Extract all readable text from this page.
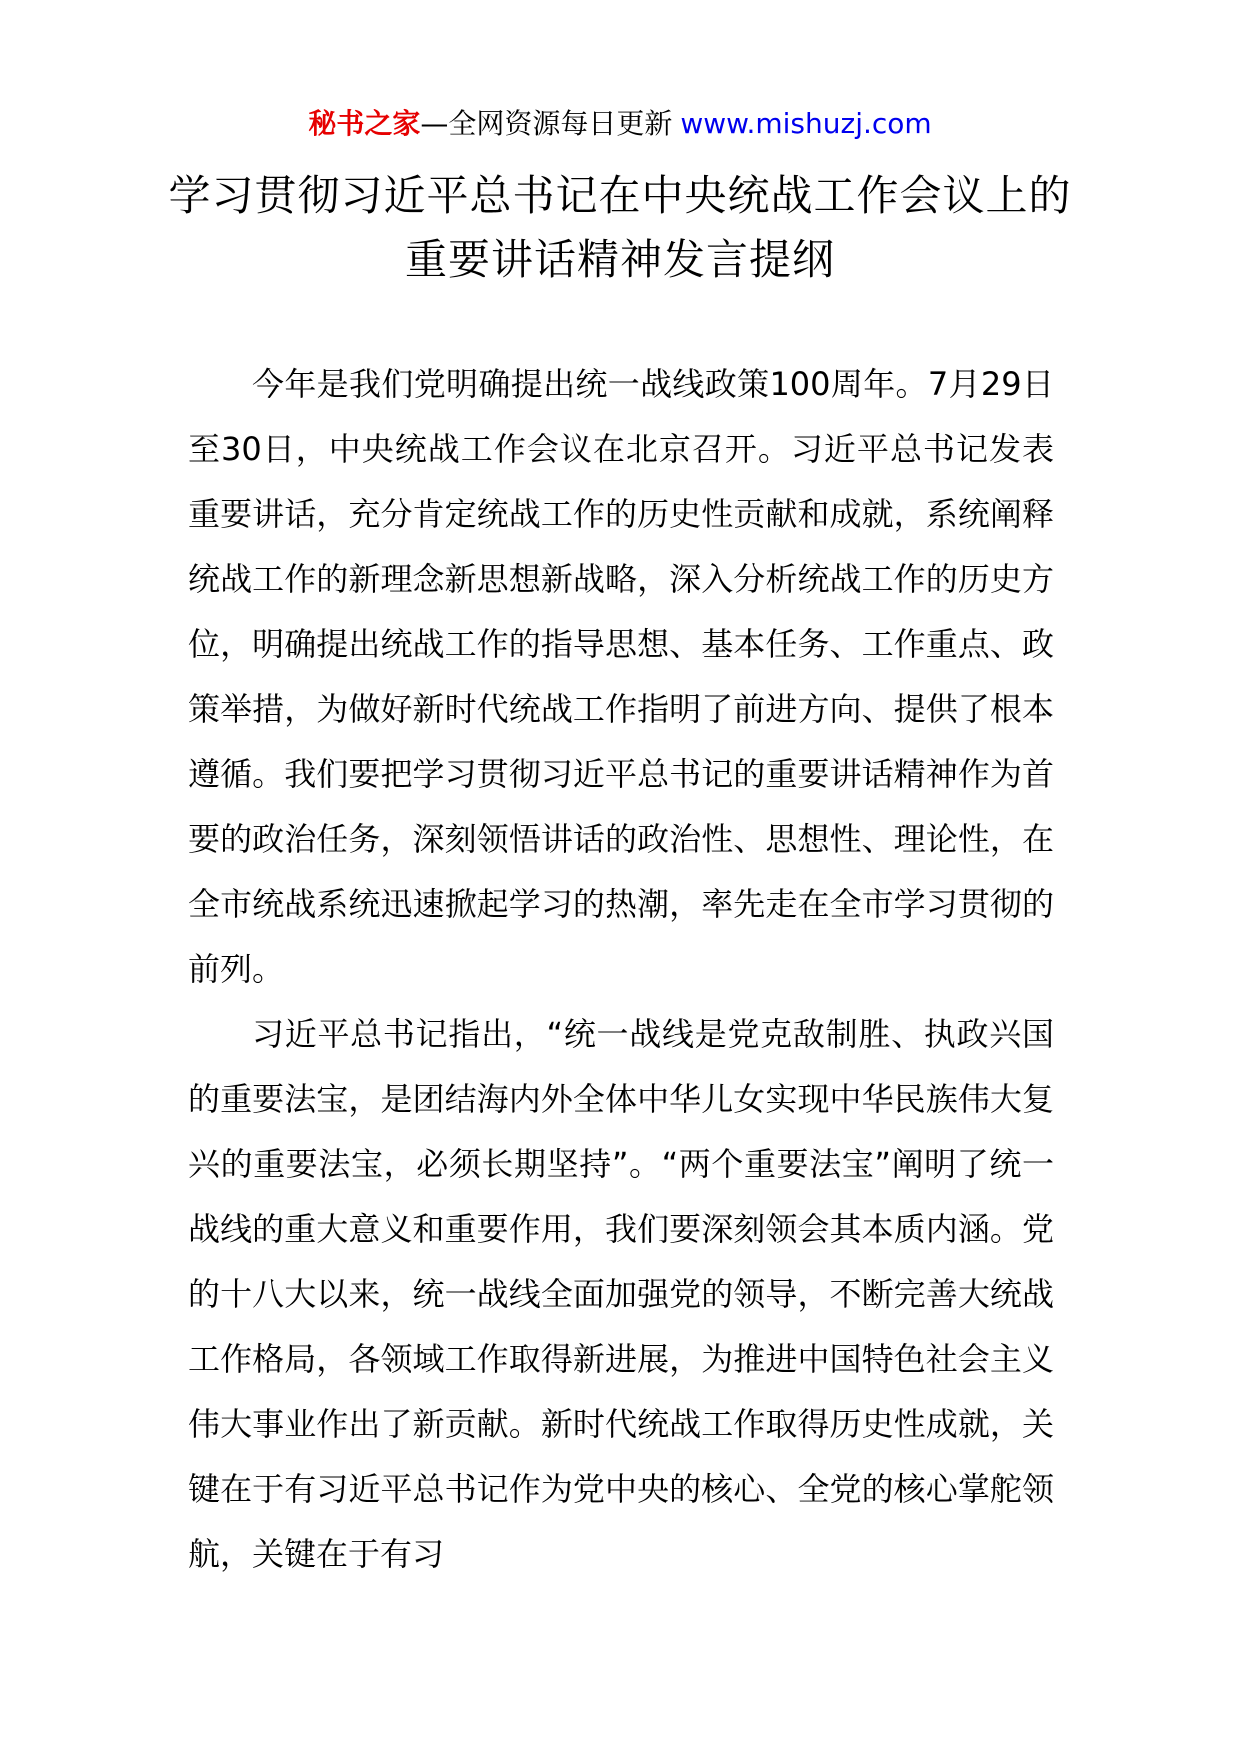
秘书之家—全网资源每日更新 www.mishuzj.com
学习贯彻习近平总书记在中央统战工作会议上的重要讲话精神发言提纲

今年是我们党明确提出统一战线政策100周年。7月29日至30日，中央统战工作会议在北京召开。习近平总书记发表重要讲话，充分肯定统战工作的历史性贡献和成就，系统阐释统战工作的新理念新思想新战略，深入分析统战工作的历史方位，明确提出统战工作的指导思想、基本任务、工作重点、政策举措，为做好新时代统战工作指明了前进方向、提供了根本遵循。我们要把学习贯彻习近平总书记的重要讲话精神作为首要的政治任务，深刻领悟讲话的政治性、思想性、理论性，在全市统战系统迅速掀起学习的热潮，率先走在全市学习贯彻的前列。

习近平总书记指出，“统一战线是党克敌制胜、执政兴国的重要法宝，是团结海内外全体中华儿女实现中华民族伟大复兴的重要法宝，必须长期坚持”。“两个重要法宝”阐明了统一战线的重大意义和重要作用，我们要深刻领会其本质内涵。党的十八大以来，统一战线全面加强党的领导，不断完善大统战工作格局，各领域工作取得新进展，为推进中国特色社会主义伟大事业作出了新贡献。新时代统战工作取得历史性成就，关键在于有习近平总书记作为党中央的核心、全党的核心掌舵领航，关键在于有习
